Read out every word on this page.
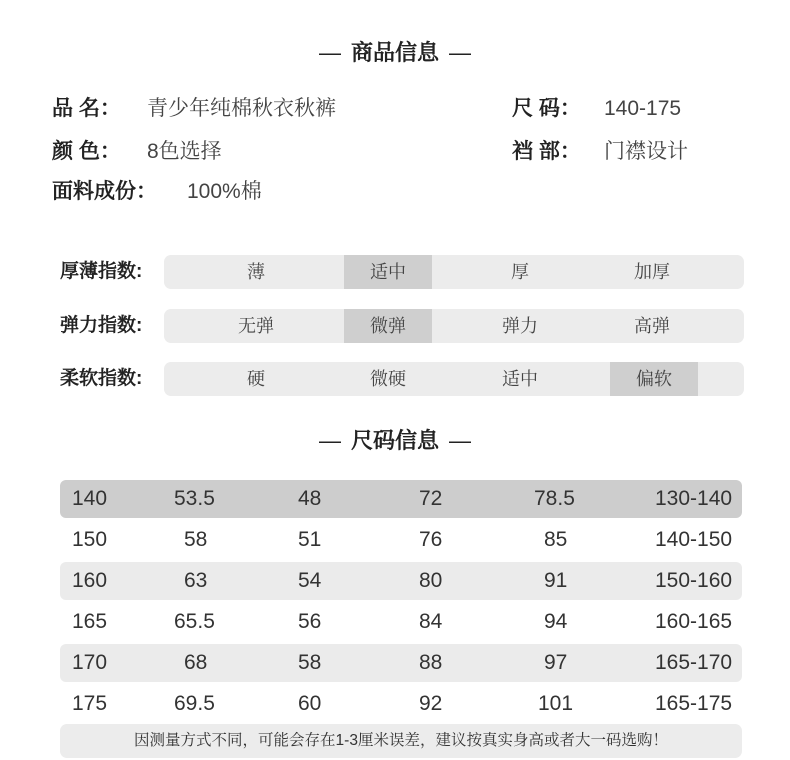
— 商品信息 —
品 名： 青少年纯棉秋衣秋裤
颜 色： 8色选择
面料成份： 100%棉
尺 码： 140-175
裆 部： 门襟设计
厚薄指数:	薄	适中	厚	加厚
弹力指数:	无弹	微弹	弹力	高弹
柔软指数:	硬	微硬	适中	偏软
— 尺码信息 —
140	53.5	48	72	78.5	130-140
150	58	51	76	85	140-150
160	63	54	80	91	150-160
165	65.5	56	84	94	160-165
170	68	58	88	97	165-170
175	69.5	60	92	101	165-175
因测量方式不同，可能会存在1-3厘米误差，建议按真实身高或者大一码选购！
